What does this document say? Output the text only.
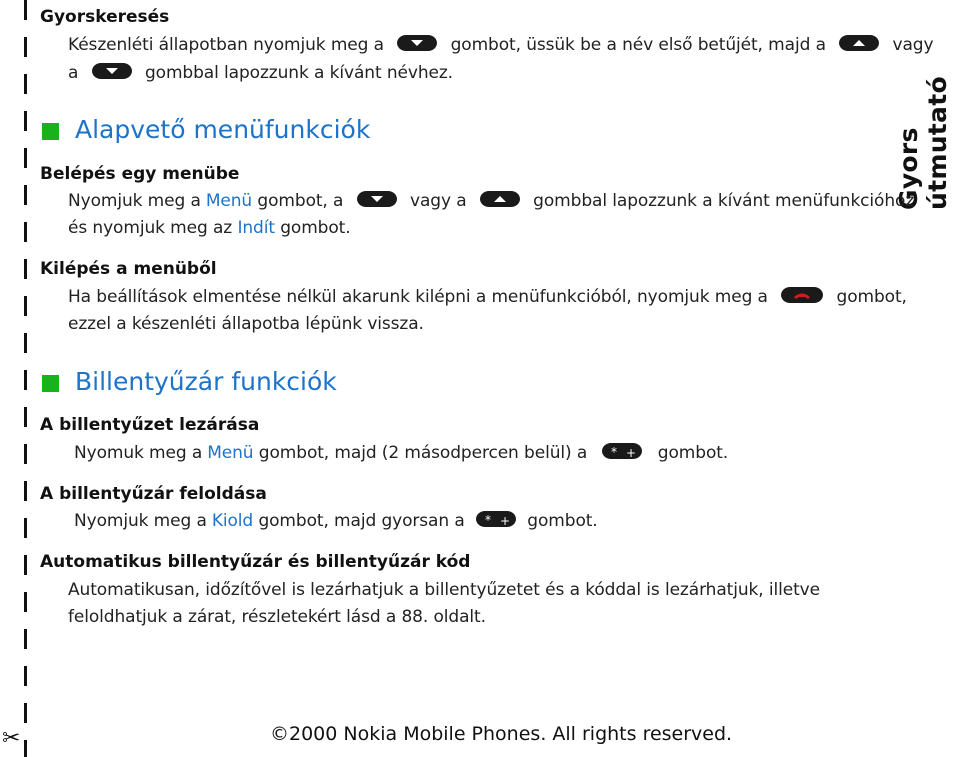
✂
Gyors útmutató
Gyorskeresés
Készenléti állapotban nyomjuk meg a	gombot, üssük be a név első betűjét, majd a	vagy
a	gombbal lapozzunk a kívánt névhez.
Alapvető menüfunkciók
Belépés egy menübe
Nyomjuk meg a Menü gombot, a	vagy a	gombbal lapozzunk a kívánt menüfunkcióhoz
és nyomjuk meg az Indít gombot.
Kilépés a menüből
Ha beállítások elmentése nélkül akarunk kilépni a menüfunkcióból, nyomjuk meg a	gombot,
ezzel a készenléti állapotba lépünk vissza.
Billentyűzár funkciók
A billentyűzet lezárása
Nyomuk meg a Menü gombot, majd (2 másodpercen belül) a * + gombot.
A billentyűzár feloldása
Nyomjuk meg a Kiold gombot, majd gyorsan a * + gombot.
Automatikus billentyűzár és billentyűzár kód
Automatikusan, időzítővel is lezárhatjuk a billentyűzetet és a kóddal is lezárhatjuk, illetve
feloldhatjuk a zárat, részletekért lásd a 88. oldalt.
©2000 Nokia Mobile Phones. All rights reserved.
